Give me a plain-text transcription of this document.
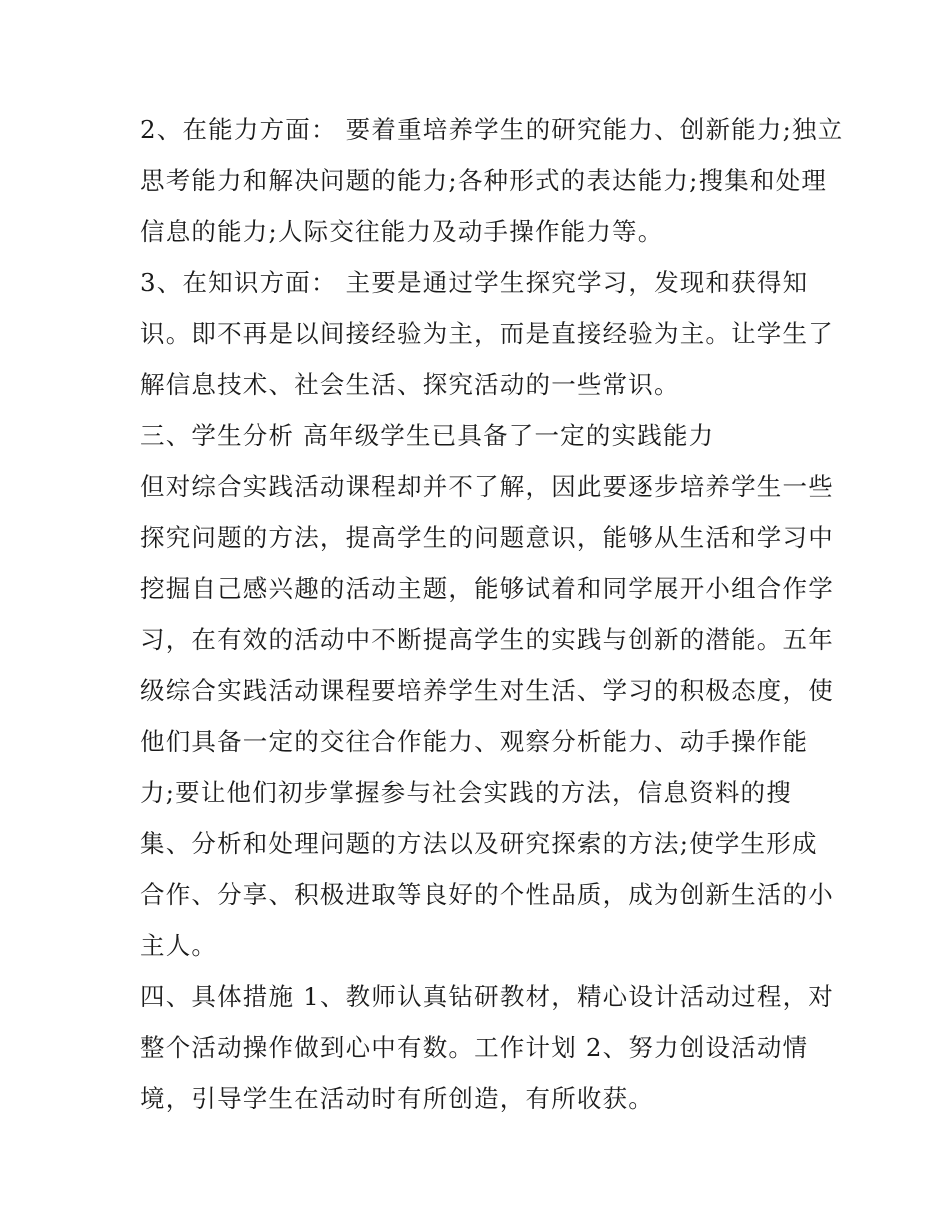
2、在能力方面： 要着重培养学生的研究能力、创新能力;独立
思考能力和解决问题的能力;各种形式的表达能力;搜集和处理
信息的能力;人际交往能力及动手操作能力等。
3、在知识方面： 主要是通过学生探究学习，发现和获得知
识。即不再是以间接经验为主，而是直接经验为主。让学生了
解信息技术、社会生活、探究活动的一些常识。
三、学生分析 高年级学生已具备了一定的实践能力
但对综合实践活动课程却并不了解，因此要逐步培养学生一些
探究问题的方法，提高学生的问题意识，能够从生活和学习中
挖掘自己感兴趣的活动主题，能够试着和同学展开小组合作学
习，在有效的活动中不断提高学生的实践与创新的潜能。五年
级综合实践活动课程要培养学生对生活、学习的积极态度，使
他们具备一定的交往合作能力、观察分析能力、动手操作能
力;要让他们初步掌握参与社会实践的方法，信息资料的搜
集、分析和处理问题的方法以及研究探索的方法;使学生形成
合作、分享、积极进取等良好的个性品质，成为创新生活的小
主人。
四、具体措施 1、教师认真钻研教材，精心设计活动过程，对
整个活动操作做到心中有数。工作计划 2、努力创设活动情
境，引导学生在活动时有所创造，有所收获。
